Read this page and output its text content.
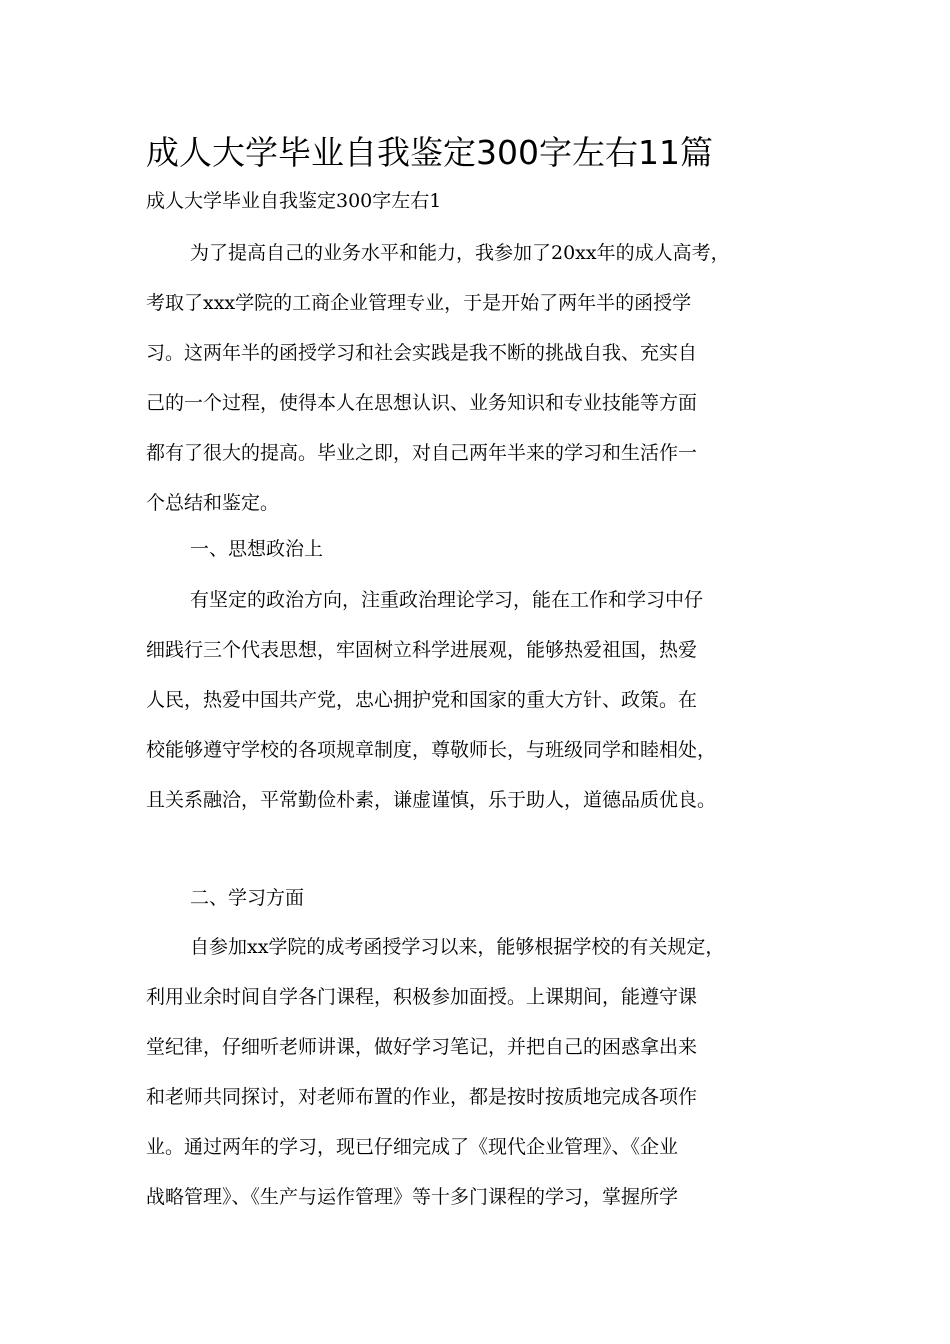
成人大学毕业自我鉴定300字左右11篇

成人大学毕业自我鉴定300字左右1

为了提高自己的业务水平和能力，我参加了20xx年的成人高考，
考取了xxx学院的工商企业管理专业，于是开始了两年半的函授学
习。这两年半的函授学习和社会实践是我不断的挑战自我、充实自
己的一个过程，使得本人在思想认识、业务知识和专业技能等方面
都有了很大的提高。毕业之即，对自己两年半来的学习和生活作一
个总结和鉴定。

一、思想政治上

有坚定的政治方向，注重政治理论学习，能在工作和学习中仔
细践行三个代表思想，牢固树立科学进展观，能够热爱祖国，热爱
人民，热爱中国共产党，忠心拥护党和国家的重大方针、政策。在
校能够遵守学校的各项规章制度，尊敬师长，与班级同学和睦相处，
且关系融洽，平常勤俭朴素，谦虚谨慎，乐于助人，道德品质优良。

二、学习方面

自参加xx学院的成考函授学习以来，能够根据学校的有关规定，
利用业余时间自学各门课程，积极参加面授。上课期间，能遵守课
堂纪律，仔细听老师讲课，做好学习笔记，并把自己的困惑拿出来
和老师共同探讨，对老师布置的作业，都是按时按质地完成各项作
业。通过两年的学习，现已仔细完成了《现代企业管理》、《企业
战略管理》、《生产与运作管理》等十多门课程的学习，掌握所学
